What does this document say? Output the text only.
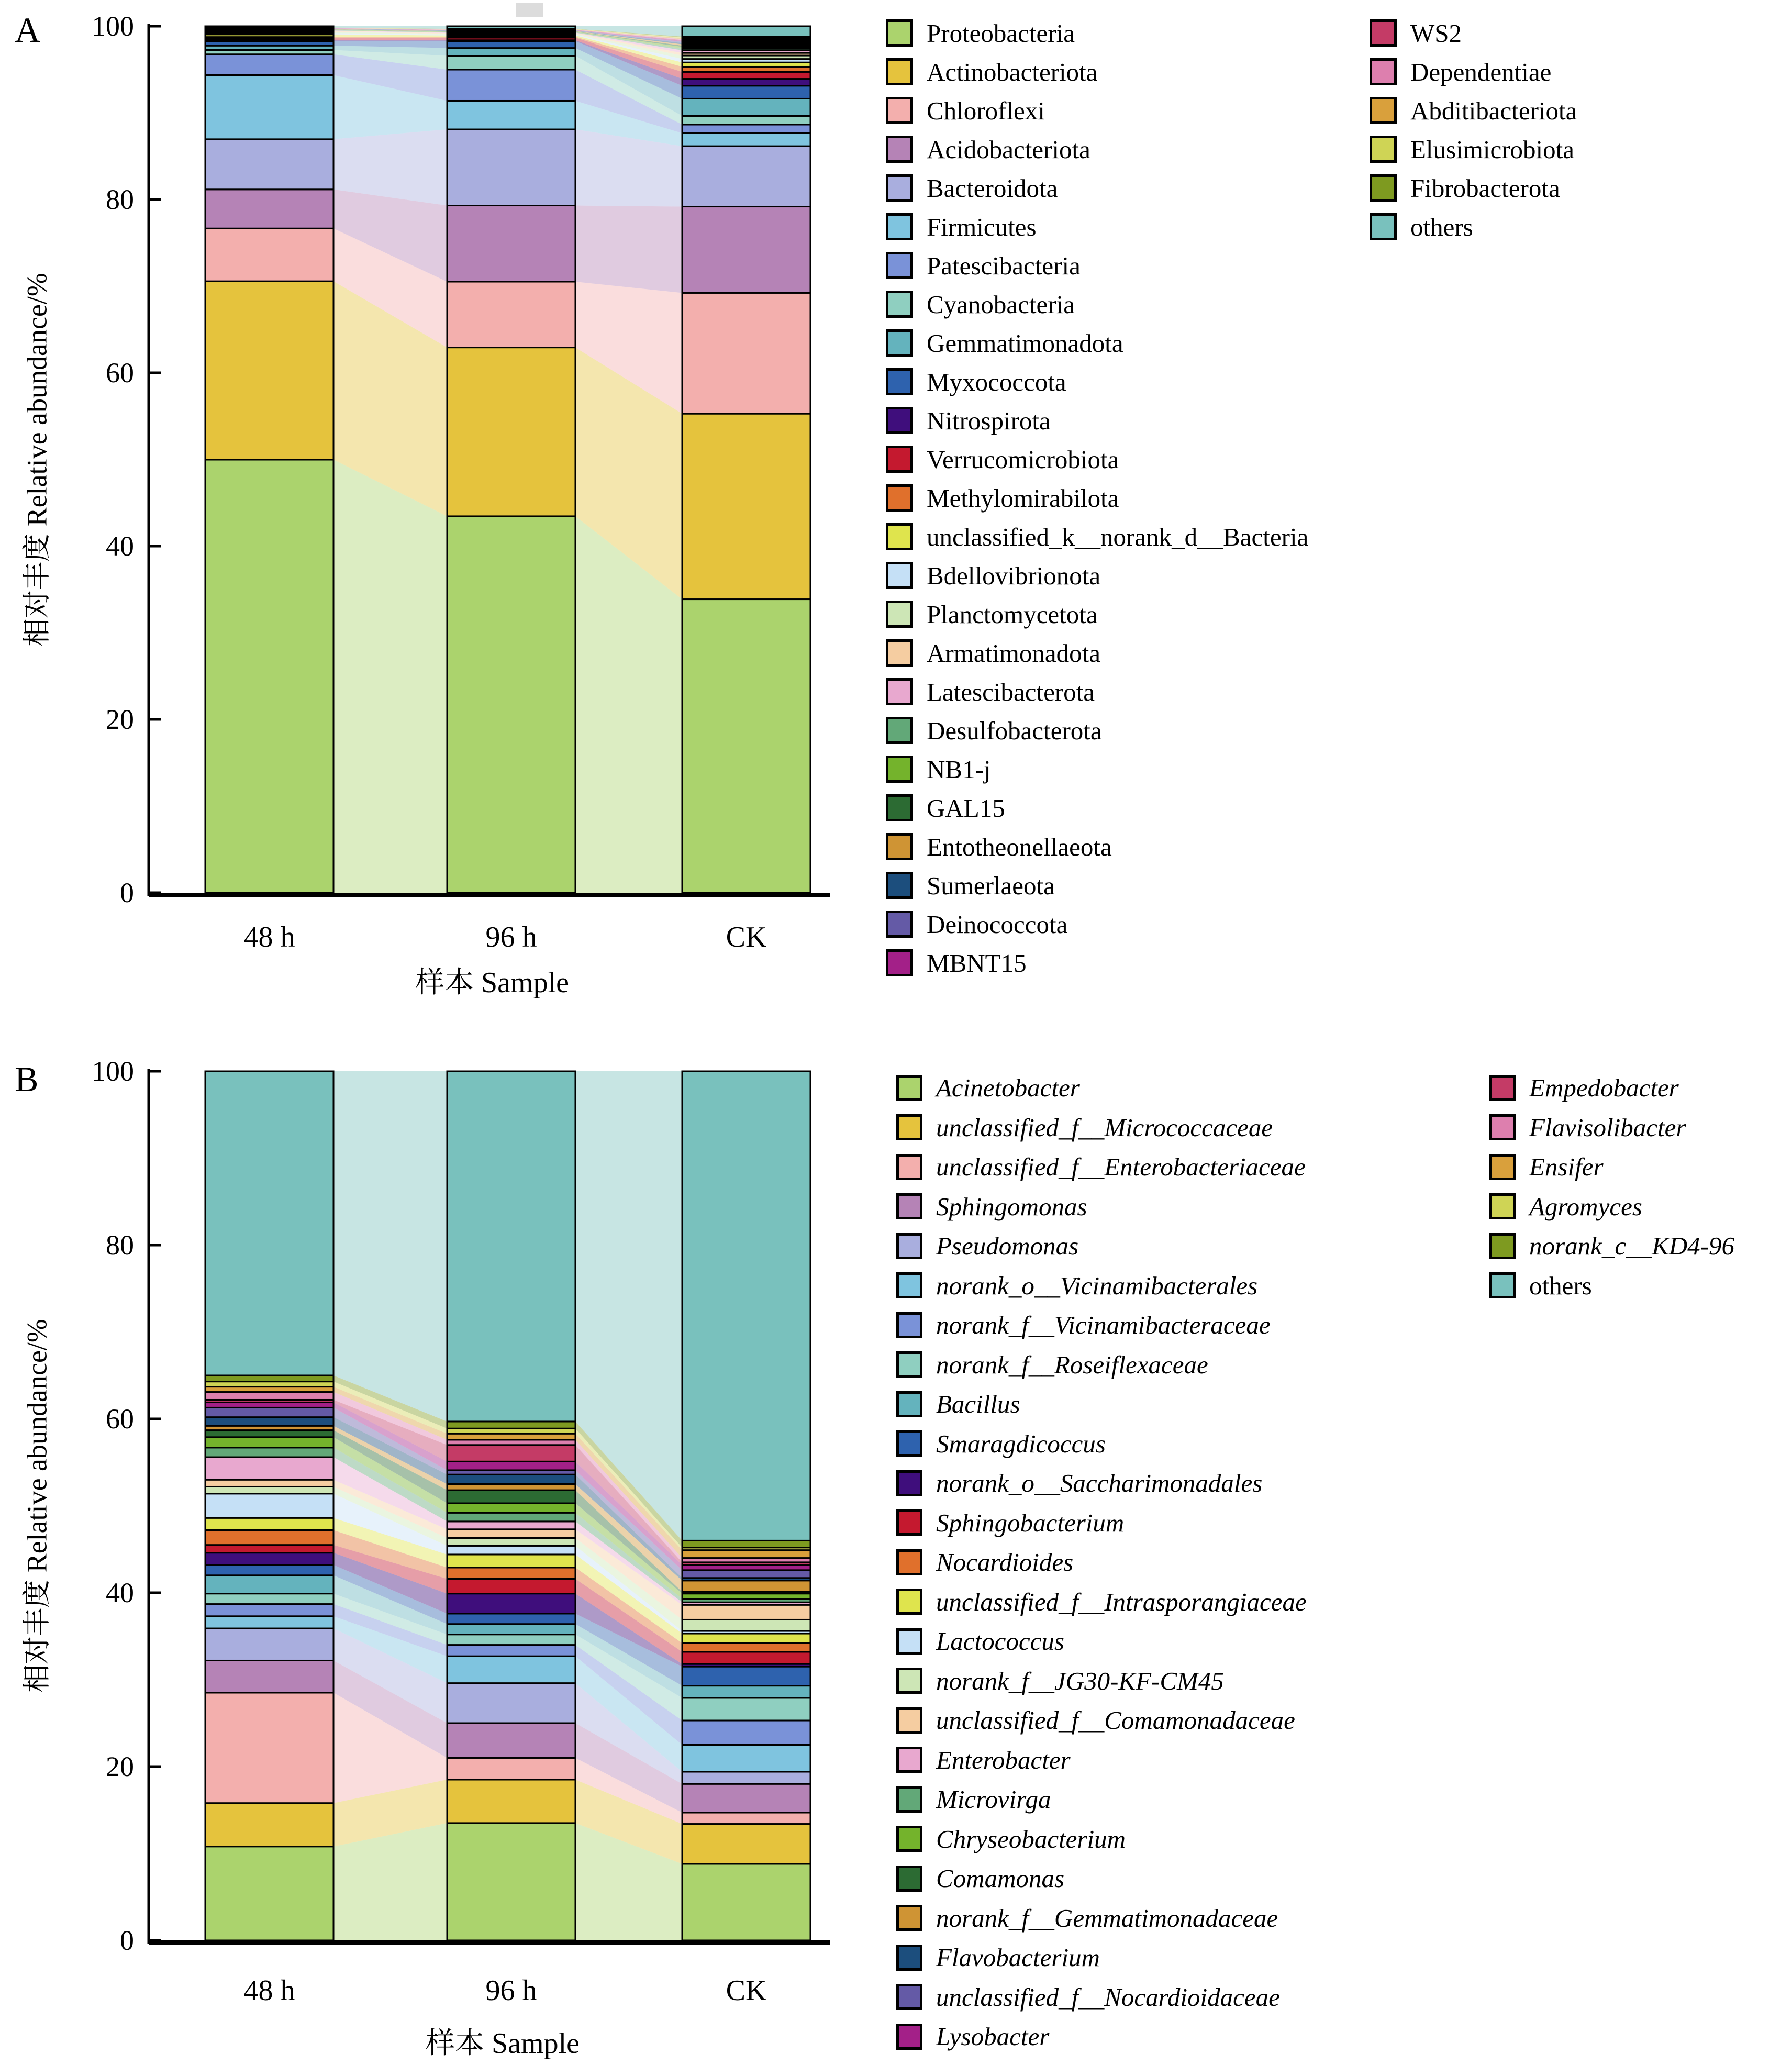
A
相对丰度 Relative abundance/%
0
20
40
60
80
100
48 h	96 h	CK
样本 Sample
Proteobacteria
Actinobacteriota
Chloroflexi
Acidobacteriota
Bacteroidota
Firmicutes
Patescibacteria
Cyanobacteria
Gemmatimonadota
Myxococcota
Nitrospirota
Verrucomicrobiota
Methylomirabilota
unclassified_k__norank_d__Bacteria
Bdellovibrionota
Planctomycetota
Armatimonadota
Latescibacterota
Desulfobacterota
NB1-j
GAL15
Entotheonellaeota
Sumerlaeota
Deinococcota
MBNT15
WS2
Dependentiae
Abditibacteriota
Elusimicrobiota
Fibrobacterota
others
B
相对丰度 Relative abundance/%
0
20
40
60
80
100
48 h	96 h	CK
样本 Sample
Acinetobacter
unclassified_f__Micrococcaceae
unclassified_f__Enterobacteriaceae
Sphingomonas
Pseudomonas
norank_o__Vicinamibacterales
norank_f__Vicinamibacteraceae
norank_f__Roseiflexaceae
Bacillus
Smaragdicoccus
norank_o__Saccharimonadales
Sphingobacterium
Nocardioides
unclassified_f__Intrasporangiaceae
Lactococcus
norank_f__JG30-KF-CM45
unclassified_f__Comamonadaceae
Enterobacter
Microvirga
Chryseobacterium
Comamonas
norank_f__Gemmatimonadaceae
Flavobacterium
unclassified_f__Nocardioidaceae
Lysobacter
Empedobacter
Flavisolibacter
Ensifer
Agromyces
norank_c__KD4-96
others
